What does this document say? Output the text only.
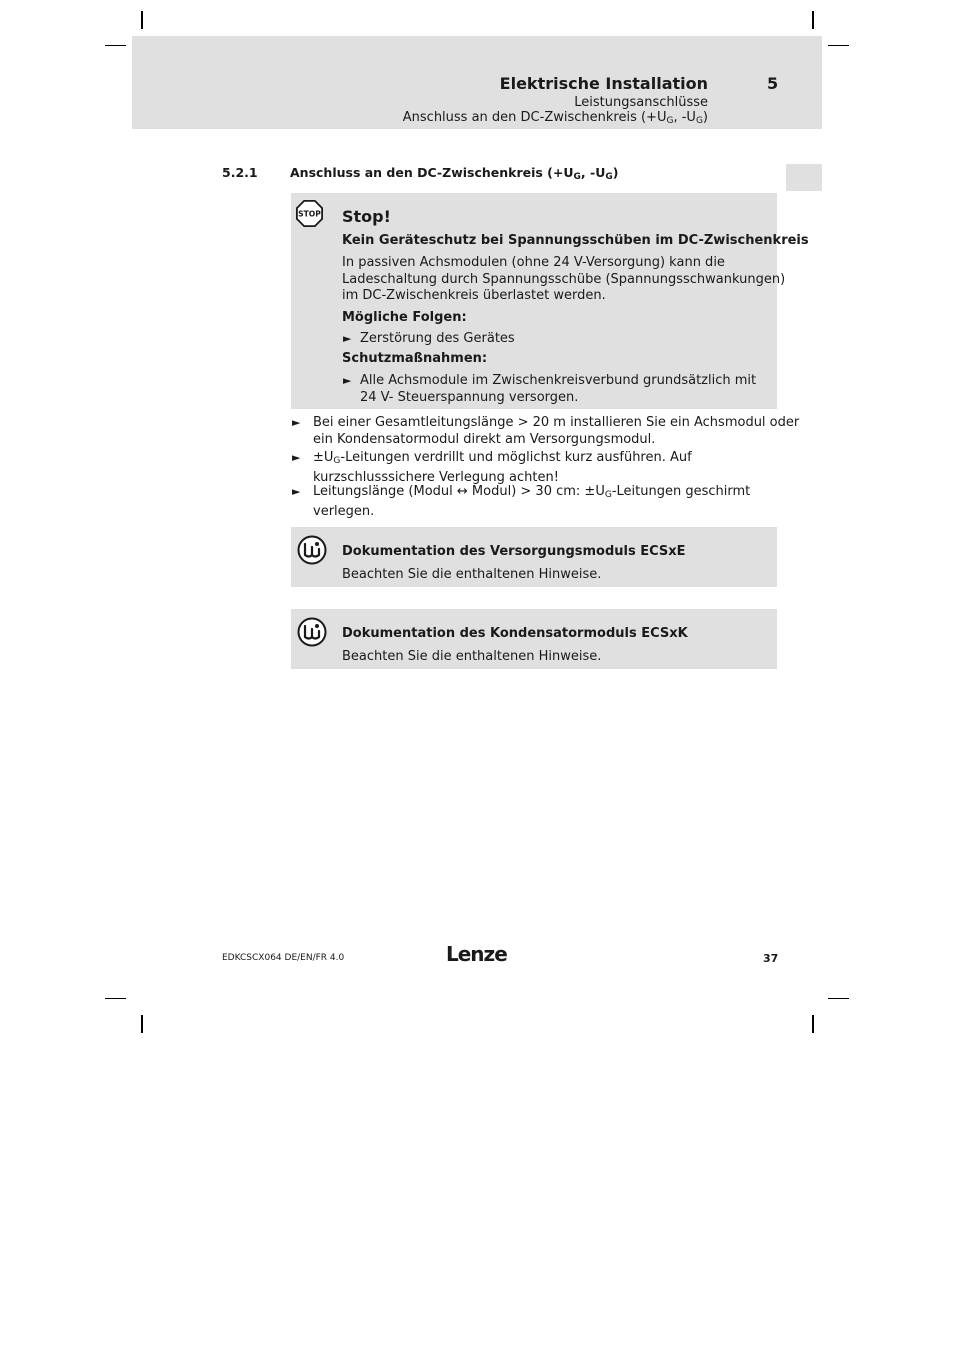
Elektrische Installation	5
Leistungsanschlüsse
Anschluss an den DC-Zwischenkreis ($+U_G$, $-U_G$)
5.2.1	Anschluss an den DC-Zwischenkreis ($+U_G$, $-U_G$)
STOP Stop!
Kein Geräteschutz bei Spannungsschüben im DC-Zwischenkreis
In passiven Achsmodulen (ohne 24 V-Versorgung) kann die
Ladeschaltung durch Spannungsschübe (Spannungsschwankungen)
im DC-Zwischenkreis überlastet werden.
Mögliche Folgen:
► Zerstörung des Gerätes
Schutzmaßnahmen:
► Alle Achsmodule im Zwischenkreisverbund grundsätzlich mit
24 V- Steuerspannung versorgen.
► Bei einer Gesamtleitungslänge > 20 m installieren Sie ein Achsmodul oder
ein Kondensatormodul direkt am Versorgungsmodul.
► $\pm U_G$-Leitungen verdrillt und möglichst kurz ausführen. Auf
kurzschlusssichere Verlegung achten!
► Leitungslänge (Modul ↔ Modul) > 30 cm: $\pm U_G$-Leitungen geschirmt
verlegen.
Dokumentation des Versorgungsmoduls ECSxE
Beachten Sie die enthaltenen Hinweise.
Dokumentation des Kondensatormoduls ECSxK
Beachten Sie die enthaltenen Hinweise.
EDKCSCX064 DE/EN/FR 4.0	Lenze	37
